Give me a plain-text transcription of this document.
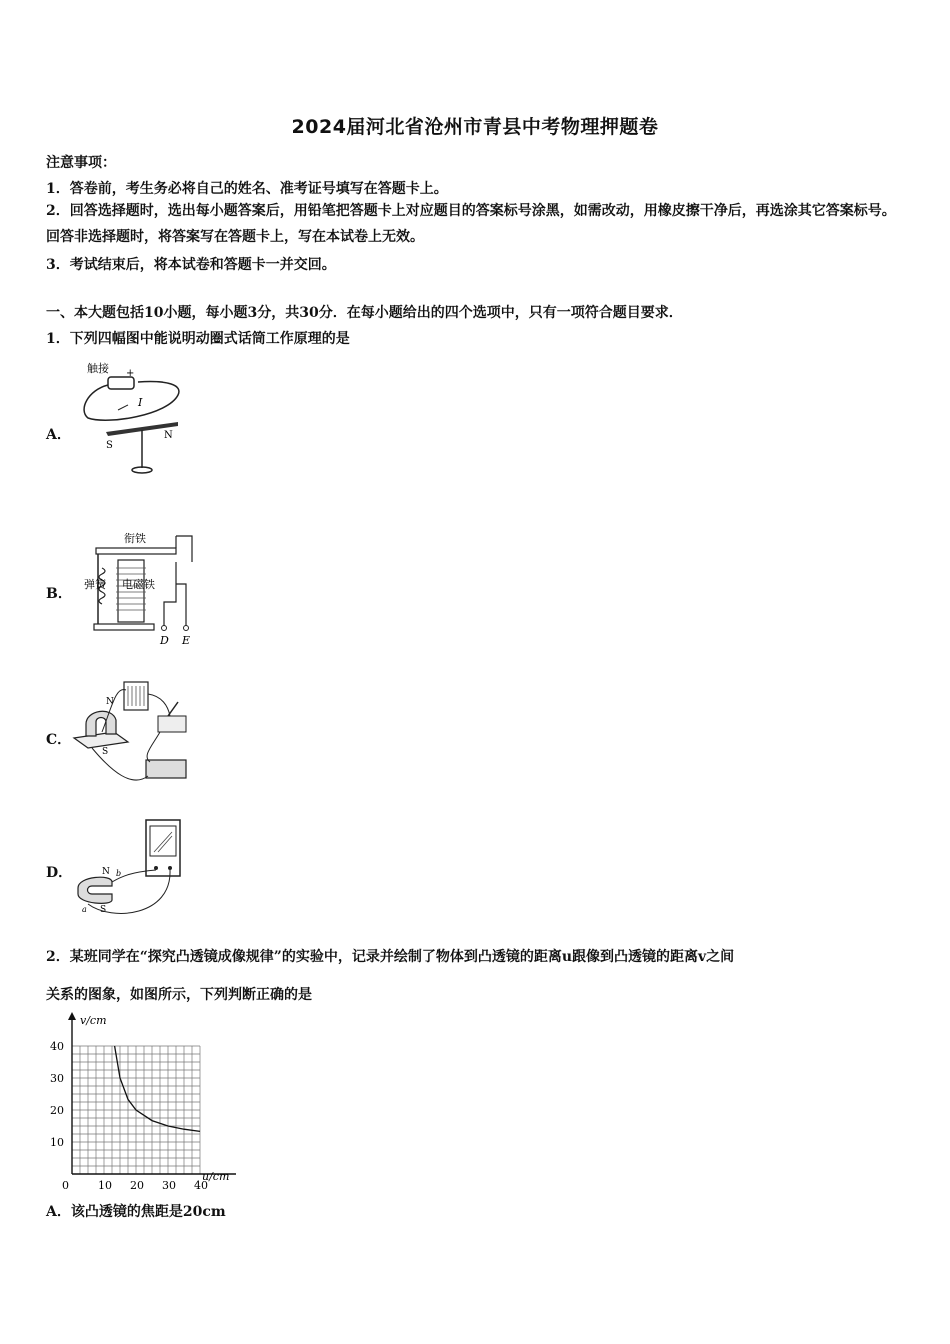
2024届河北省沧州市青县中考物理押题卷
注意事项：
1．答卷前，考生务必将自己的姓名、准考证号填写在答题卡上。
2．回答选择题时，选出每小题答案后，用铅笔把答题卡上对应题目的答案标号涂黑，如需改动，用橡皮擦干净后，再选涂其它答案标号。回答非选择题时，将答案写在答题卡上，写在本试卷上无效。
3．考试结束后，将本试卷和答题卡一并交回。
一、本大题包括10小题，每小题3分，共30分．在每小题给出的四个选项中，只有一项符合题目要求．
1．下列四幅图中能说明动圈式话筒工作原理的是
A．
触接 +
I
S
N
B．
衔铁
弹簧 电磁铁
D E
C．
N
S
D．	N
S
a
b
2．某班同学在“探究凸透镜成像规律”的实验中，记录并绘制了物体到凸透镜的距离u跟像到凸透镜的距离v之间
关系的图象，如图所示，下列判断正确的是
0	10 20 30 40
10
20
30
40
v/cm
u/cm
A．该凸透镜的焦距是20cm
